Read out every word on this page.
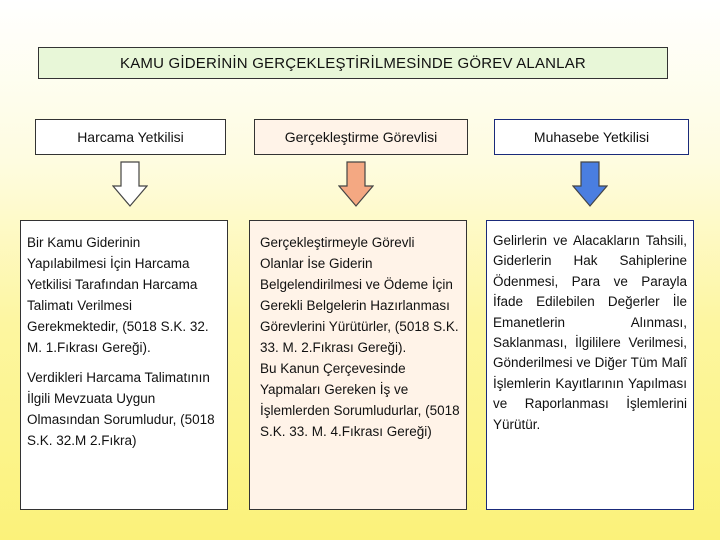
KAMU GİDERİNİN GERÇEKLEŞTİRİLMESİNDE GÖREV ALANLAR
Harcama Yetkilisi	Gerçekleştirme Görevlisi	Muhasebe Yetkilisi

Bir Kamu Giderinin Yapılabilmesi İçin Harcama Yetkilisi Tarafından Harcama Talimatı Verilmesi Gerekmektedir, (5018 S.K. 32. M. 1.Fıkrası Gereği).

Verdikleri Harcama Talimatının İlgili Mevzuata Uygun Olmasından Sorumludur, (5018 S.K. 32.M 2.Fıkra)

Gerçekleştirmeyle Görevli Olanlar İse Giderin Belgelendirilmesi ve Ödeme İçin Gerekli Belgelerin Hazırlanması Görevlerini Yürütürler, (5018 S.K. 33. M. 2.Fıkrası Gereği).

Bu Kanun Çerçevesinde Yapmaları Gereken İş ve İşlemlerden Sorumludurlar, (5018 S.K. 33. M. 4.Fıkrası Gereği)

Gelirlerin ve Alacakların Tahsili, Giderlerin Hak Sahiplerine Ödenmesi, Para ve Parayla İfade Edilebilen Değerler İle Emanetlerin Alınması, Saklanması, İlgililere Verilmesi, Gönderilmesi ve Diğer Tüm Malî İşlemlerin Kayıtlarının Yapılması ve Raporlanması İşlemlerini Yürütür.
